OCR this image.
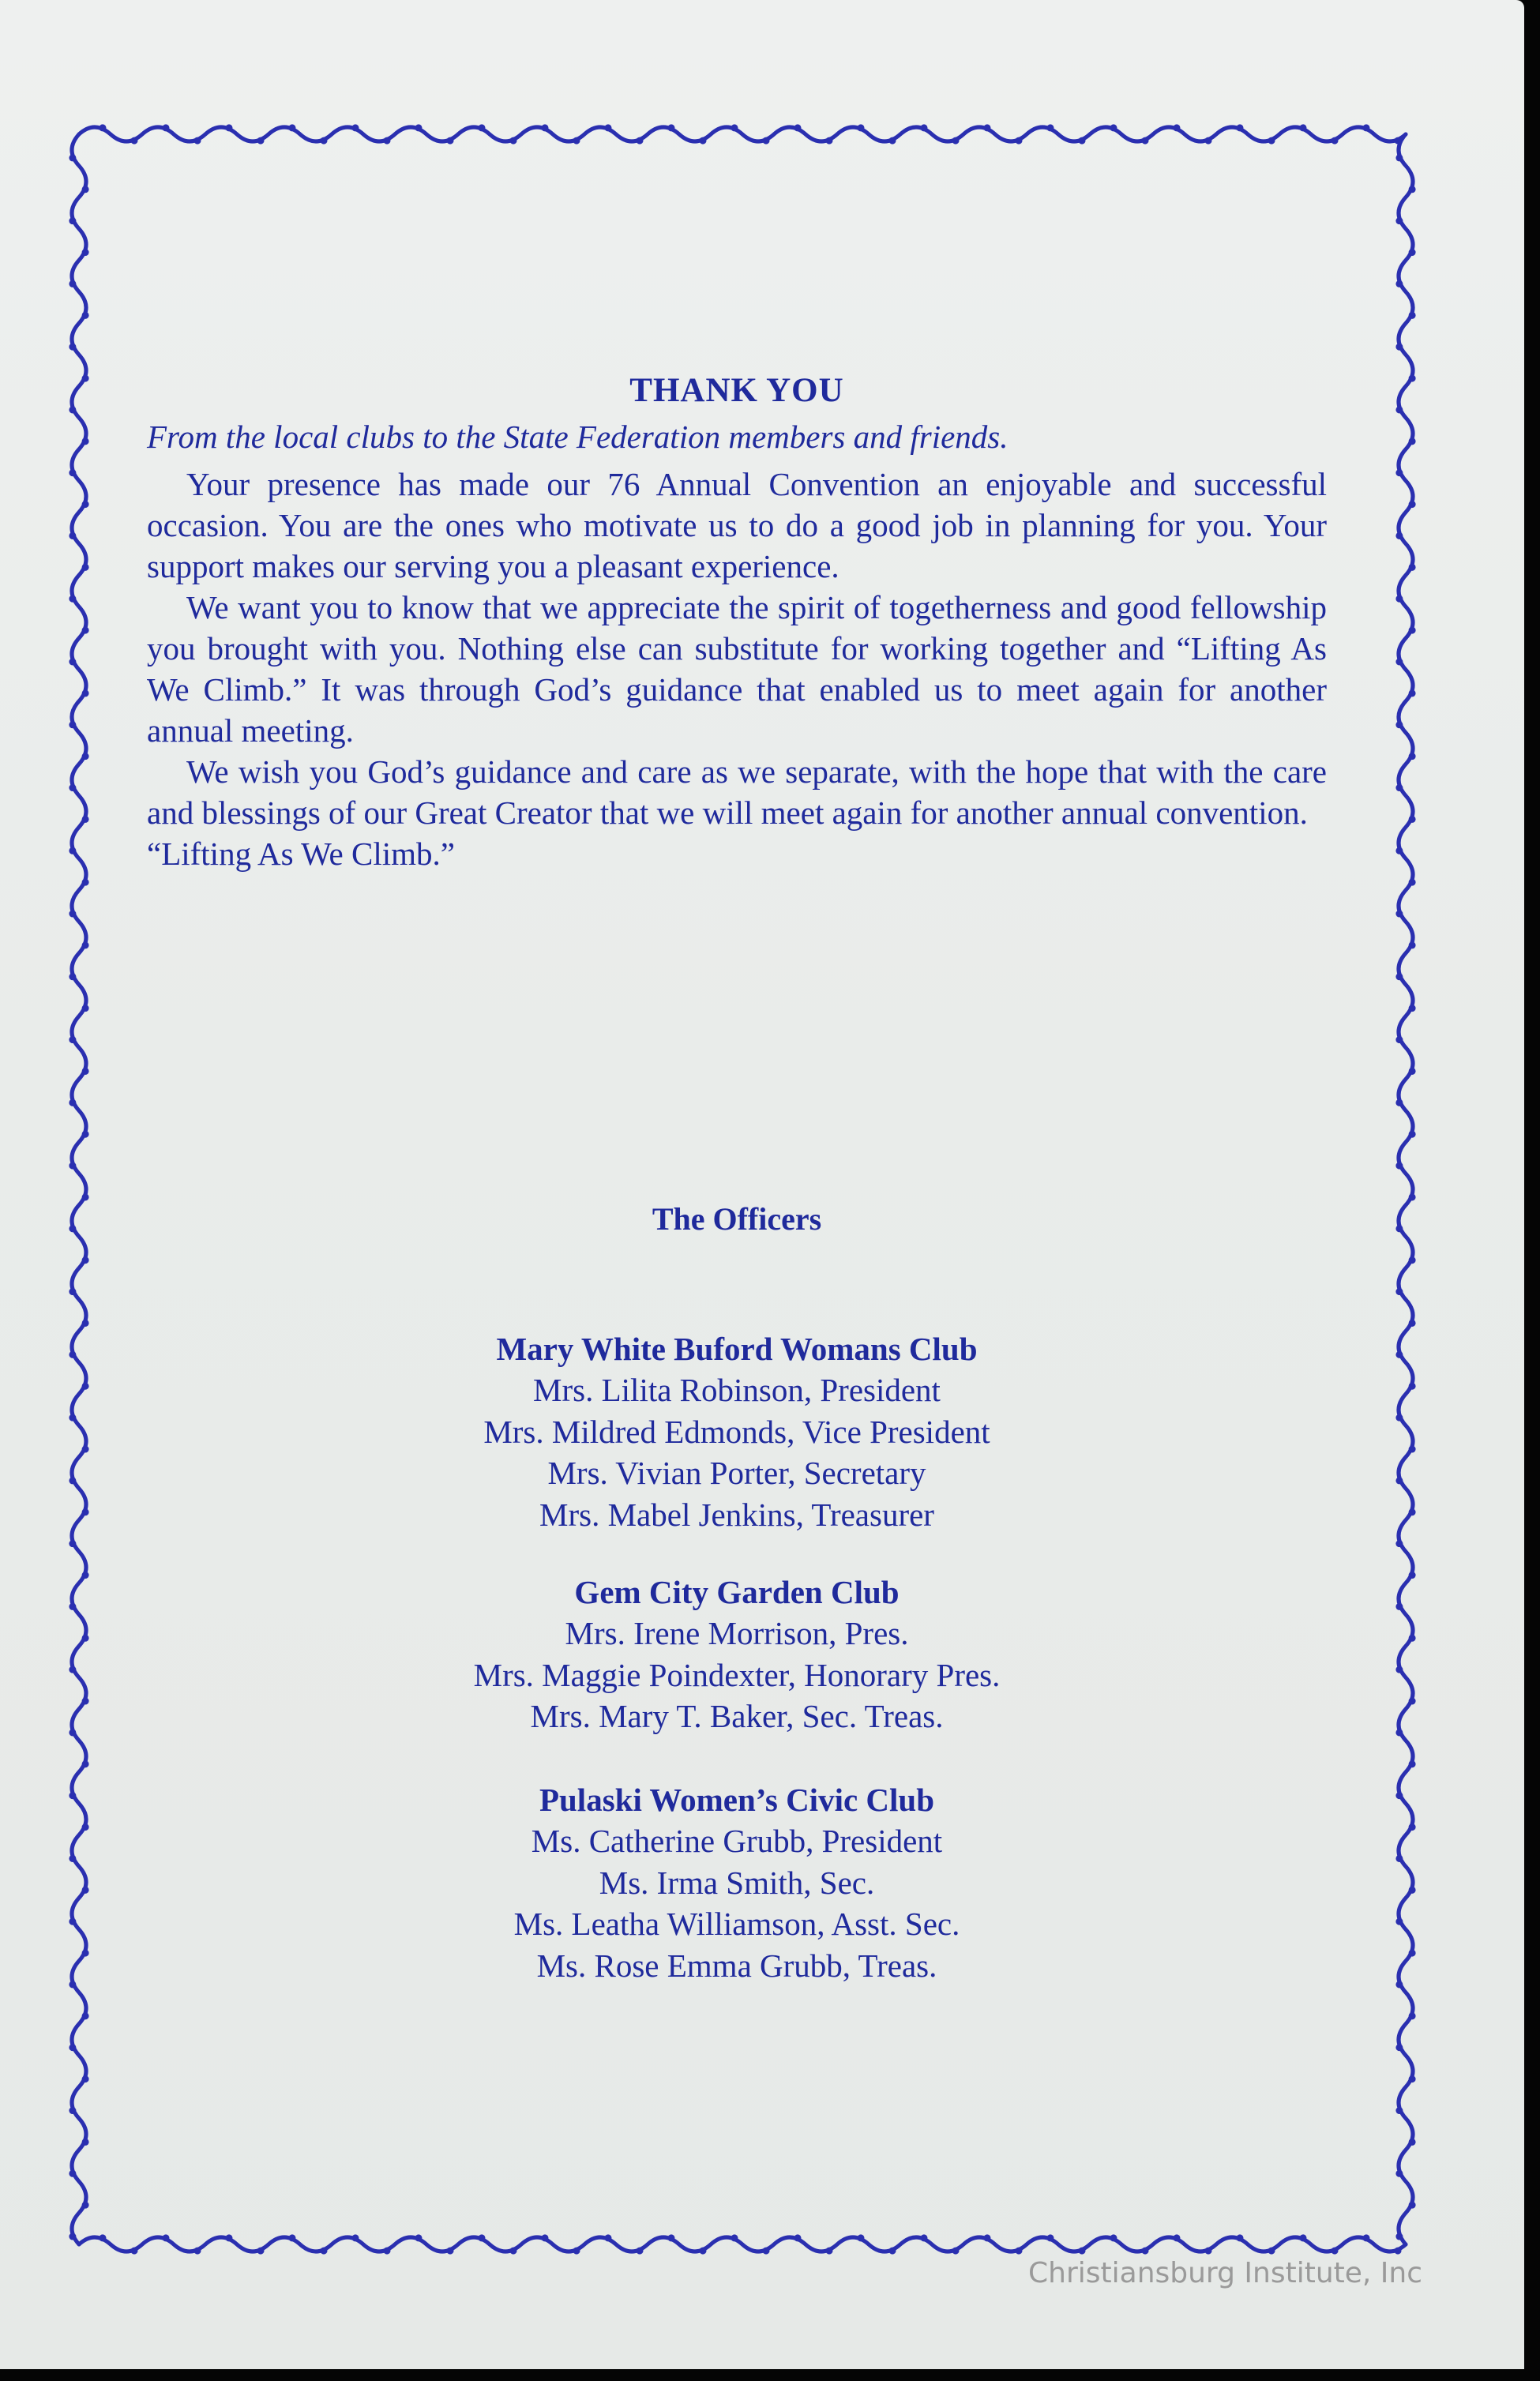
THANK YOU
From the local clubs to the State Federation members and friends.

Your presence has made our 76 Annual Convention an enjoyable and successful occasion. You are the ones who motivate us to do a good job in planning for you. Your support makes our serving you a pleasant experience.

We want you to know that we appreciate the spirit of togetherness and good fellowship you brought with you. Nothing else can substitute for working together and “Lifting As We Climb.” It was through God’s guidance that enabled us to meet again for another annual meeting.

We wish you God’s guidance and care as we separate, with the hope that with the care and blessings of our Great Creator that we will meet again for another annual convention.

“Lifting As We Climb.”

The Officers
Mary White Buford Womans Club
Mrs. Lilita Robinson, President
Mrs. Mildred Edmonds, Vice President
Mrs. Vivian Porter, Secretary
Mrs. Mabel Jenkins, Treasurer
Gem City Garden Club
Mrs. Irene Morrison, Pres.
Mrs. Maggie Poindexter, Honorary Pres.
Mrs. Mary T. Baker, Sec. Treas.
Pulaski Women’s Civic Club
Ms. Catherine Grubb, President
Ms. Irma Smith, Sec.
Ms. Leatha Williamson, Asst. Sec.
Ms. Rose Emma Grubb, Treas.
Christiansburg Institute, Inc
